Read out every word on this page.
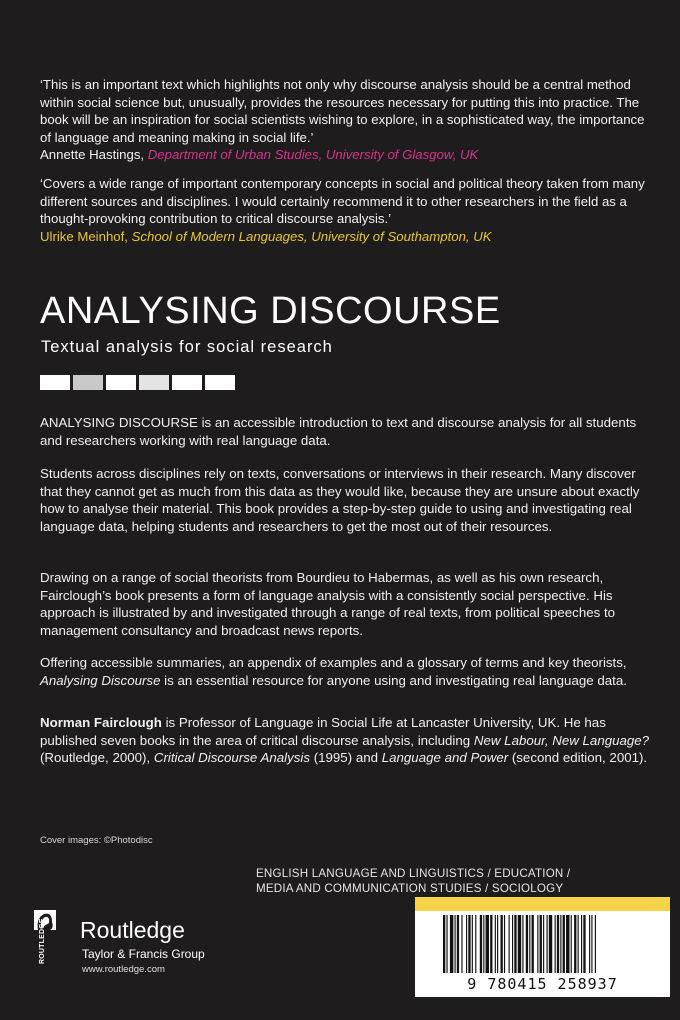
‘This is an important text which highlights not only why discourse analysis should be a central method within social science but, unusually, provides the resources necessary for putting this into practice. The book will be an inspiration for social scientists wishing to explore, in a sophisticated way, the importance of language and meaning making in social life.’
Annette Hastings, Department of Urban Studies, University of Glasgow, UK

‘Covers a wide range of important contemporary concepts in social and political theory taken from many different sources and disciplines. I would certainly recommend it to other researchers in the field as a thought-provoking contribution to critical discourse analysis.’
Ulrike Meinhof, School of Modern Languages, University of Southampton, UK

ANALYSING DISCOURSE

Textual analysis for social research

ANALYSING DISCOURSE is an accessible introduction to text and discourse analysis for all students and researchers working with real language data.

Students across disciplines rely on texts, conversations or interviews in their research. Many discover that they cannot get as much from this data as they would like, because they are unsure about exactly how to analyse their material. This book provides a step-by-step guide to using and investigating real language data, helping students and researchers to get the most out of their resources.

Drawing on a range of social theorists from Bourdieu to Habermas, as well as his own research, Fairclough’s book presents a form of language analysis with a consistently social perspective. His approach is illustrated by and investigated through a range of real texts, from political speeches to management consultancy and broadcast news reports.

Offering accessible summaries, an appendix of examples and a glossary of terms and key theorists, Analysing Discourse is an essential resource for anyone using and investigating real language data.

Norman Fairclough is Professor of Language in Social Life at Lancaster University, UK. He has published seven books in the area of critical discourse analysis, including New Labour, New Language? (Routledge, 2000), Critical Discourse Analysis (1995) and Language and Power (second edition, 2001).

Cover images: ©Photodisc

ENGLISH LANGUAGE AND LINGUISTICS / EDUCATION /
MEDIA AND COMMUNICATION STUDIES / SOCIOLOGY

ROUTLEDGE Routledge
Taylor & Francis Group
www.routledge.com
9 780415 258937
